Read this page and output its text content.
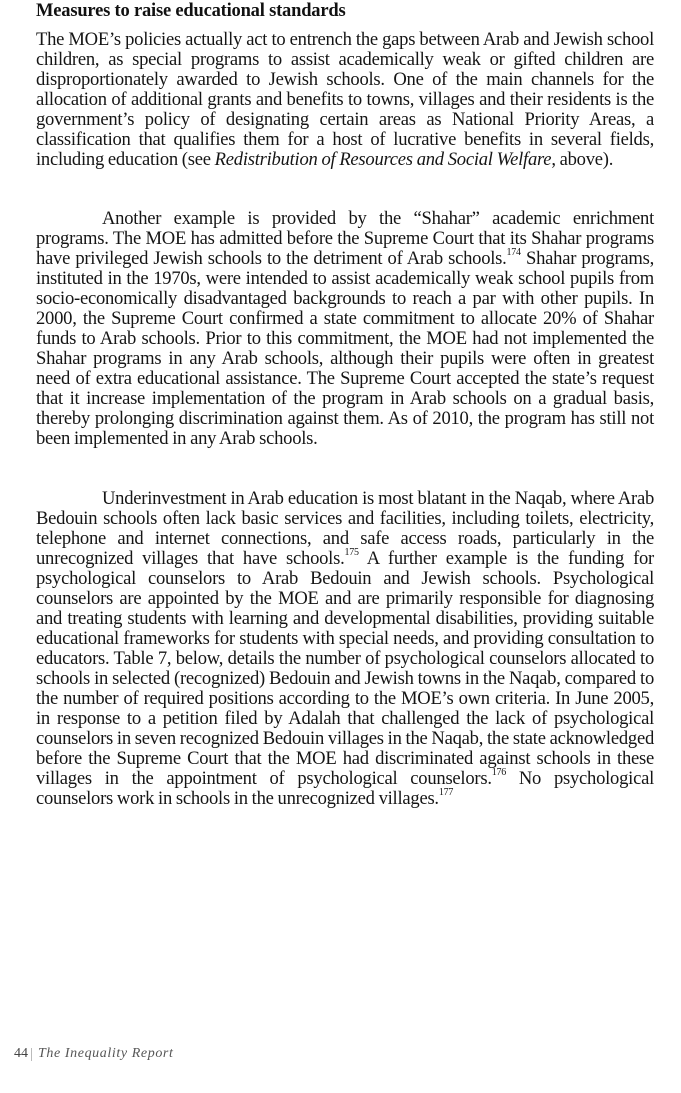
Measures to raise educational standards

The MOE’s policies actually act to entrench the gaps between Arab and Jewish school children, as special programs to assist academically weak or gifted children are disproportionately awarded to Jewish schools. One of the main channels for the allocation of additional grants and benefits to towns, villages and their residents is the government’s policy of designating certain areas as National Priority Areas, a classification that qualifies them for a host of lucrative benefits in several fields, including education (see Redistribution of Resources and Social Welfare, above).

Another example is provided by the “Shahar” academic enrichment programs. The MOE has admitted before the Supreme Court that its Shahar programs have privileged Jewish schools to the detriment of Arab schools.$^{174}$ Shahar programs, instituted in the 1970s, were intended to assist academically weak school pupils from socio-economically disadvantaged backgrounds to reach a par with other pupils. In 2000, the Supreme Court confirmed a state commitment to allocate 20% of Shahar funds to Arab schools. Prior to this commitment, the MOE had not implemented the Shahar programs in any Arab schools, although their pupils were often in greatest need of extra educational assistance. The Supreme Court accepted the state’s request that it increase implementation of the program in Arab schools on a gradual basis, thereby prolonging discrimination against them. As of 2010, the program has still not been implemented in any Arab schools.

Underinvestment in Arab education is most blatant in the Naqab, where Arab Bedouin schools often lack basic services and facilities, including toilets, electricity, telephone and internet connections, and safe access roads, particularly in the unrecognized villages that have schools.$^{175}$ A further example is the funding for psychological counselors to Arab Bedouin and Jewish schools. Psychological counselors are appointed by the MOE and are primarily responsible for diagnosing and treating students with learning and developmental disabilities, providing suitable educational frameworks for students with special needs, and providing consultation to educators. Table 7, below, details the number of psychological counselors allocated to schools in selected (recognized) Bedouin and Jewish towns in the Naqab, compared to the number of required positions according to the MOE’s own criteria. In June 2005, in response to a petition filed by Adalah that challenged the lack of psychological counselors in seven recognized Bedouin villages in the Naqab, the state acknowledged before the Supreme Court that the MOE had discriminated against schools in these villages in the appointment of psychological counselors.$^{176}$ No psychological counselors work in schools in the unrecognized villages.$^{177}$

44 The Inequality Report
